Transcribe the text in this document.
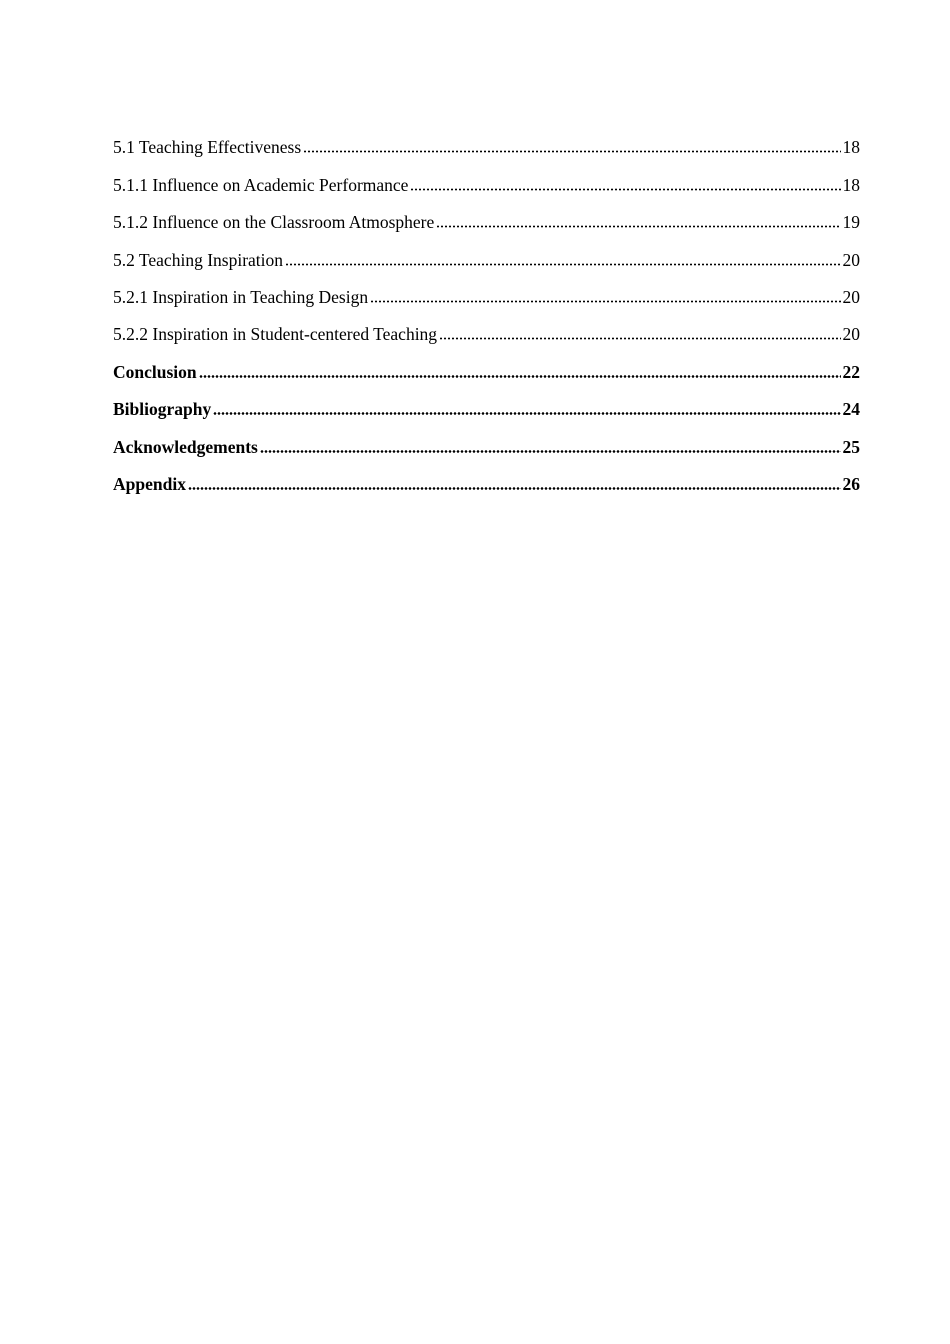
5.1 Teaching Effectiveness	18
5.1.1 Influence on Academic Performance	18
5.1.2 Influence on the Classroom Atmosphere	19
5.2 Teaching Inspiration	20
5.2.1 Inspiration in Teaching Design	20
5.2.2 Inspiration in Student-centered Teaching	20
Conclusion	22
Bibliography	24
Acknowledgements	25
Appendix	26
